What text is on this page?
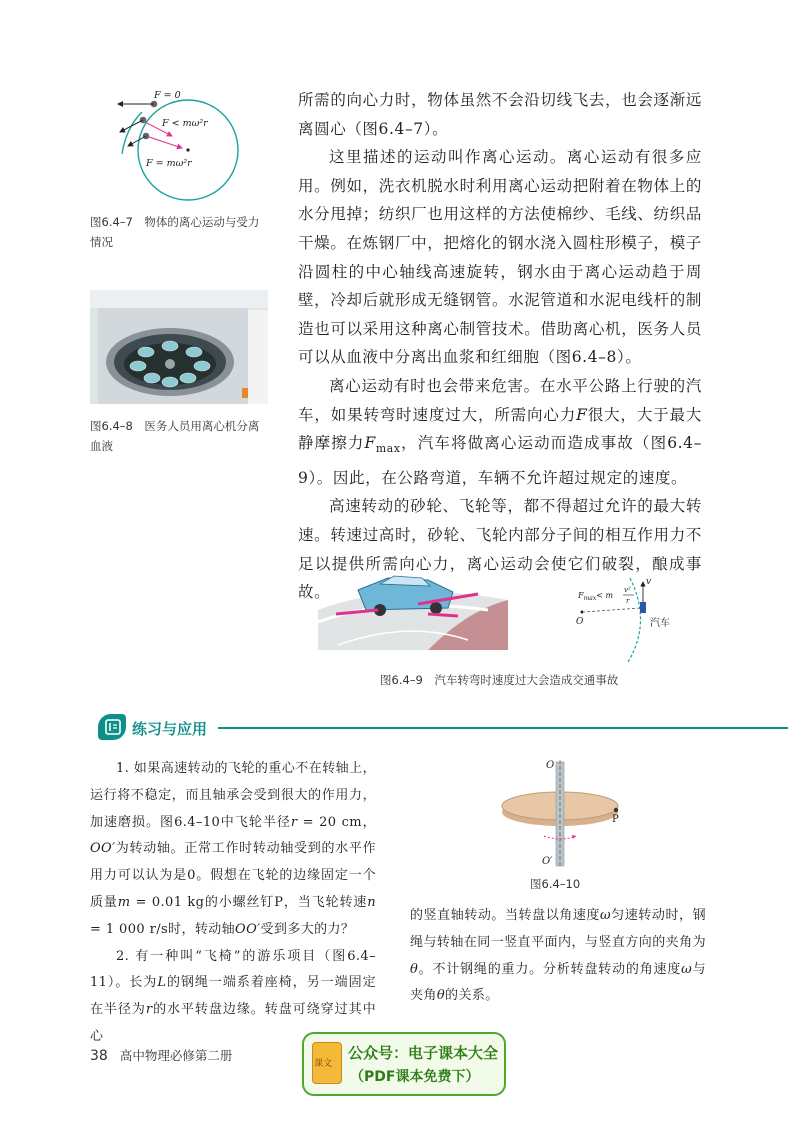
F = 0
F < mω²r
F = mω²r
图6.4–7　物体的离心运动与受力情况
图6.4–8　医务人员用离心机分离血液

所需的向心力时，物体虽然不会沿切线飞去，也会逐渐远离圆心（图6.4–7）。

这里描述的运动叫作离心运动。离心运动有很多应用。例如，洗衣机脱水时利用离心运动把附着在物体上的水分甩掉；纺织厂也用这样的方法使棉纱、毛线、纺织品干燥。在炼钢厂中，把熔化的钢水浇入圆柱形模子，模子沿圆柱的中心轴线高速旋转，钢水由于离心运动趋于周壁，冷却后就形成无缝钢管。水泥管道和水泥电线杆的制造也可以采用这种离心制管技术。借助离心机，医务人员可以从血液中分离出血浆和红细胞（图6.4–8）。

离心运动有时也会带来危害。在水平公路上行驶的汽车，如果转弯时速度过大，所需向心力F很大，大于最大静摩擦力$F_{max}$，汽车将做离心运动而造成事故（图6.4–9）。因此，在公路弯道，车辆不允许超过规定的速度。

高速转动的砂轮、飞轮等，都不得超过允许的最大转速。转速过高时，砂轮、飞轮内部分子间的相互作用力不足以提供所需向心力，离心运动会使它们破裂，酿成事故。

v
$F_{max}< m$
v²
r
O	汽车
图6.4–9　汽车转弯时速度过大会造成交通事故
练习与应用

1. 如果高速转动的飞轮的重心不在转轴上，运行将不稳定，而且轴承会受到很大的作用力，加速磨损。图6.4–10中飞轮半径r = 20 cm，OO′为转动轴。正常工作时转动轴受到的水平作用力可以认为是0。假想在飞轮的边缘固定一个质量m = 0.01 kg的小螺丝钉P，当飞轮转速n = 1 000 r/s时，转动轴OO′受到多大的力？

2. 有一种叫“飞椅”的游乐项目（图6.4–11）。长为L的钢绳一端系着座椅，另一端固定在半径为r的水平转盘边缘。转盘可绕穿过其中心

O
P
O′
图6.4–10

的竖直轴转动。当转盘以角速度ω匀速转动时，钢绳与转轴在同一竖直平面内，与竖直方向的夹角为θ。不计钢绳的重力。分析转盘转动的角速度ω与夹角θ的关系。

38 高中物理必修第二册
课文
公众号：电子课本大全
（PDF课本免费下）
